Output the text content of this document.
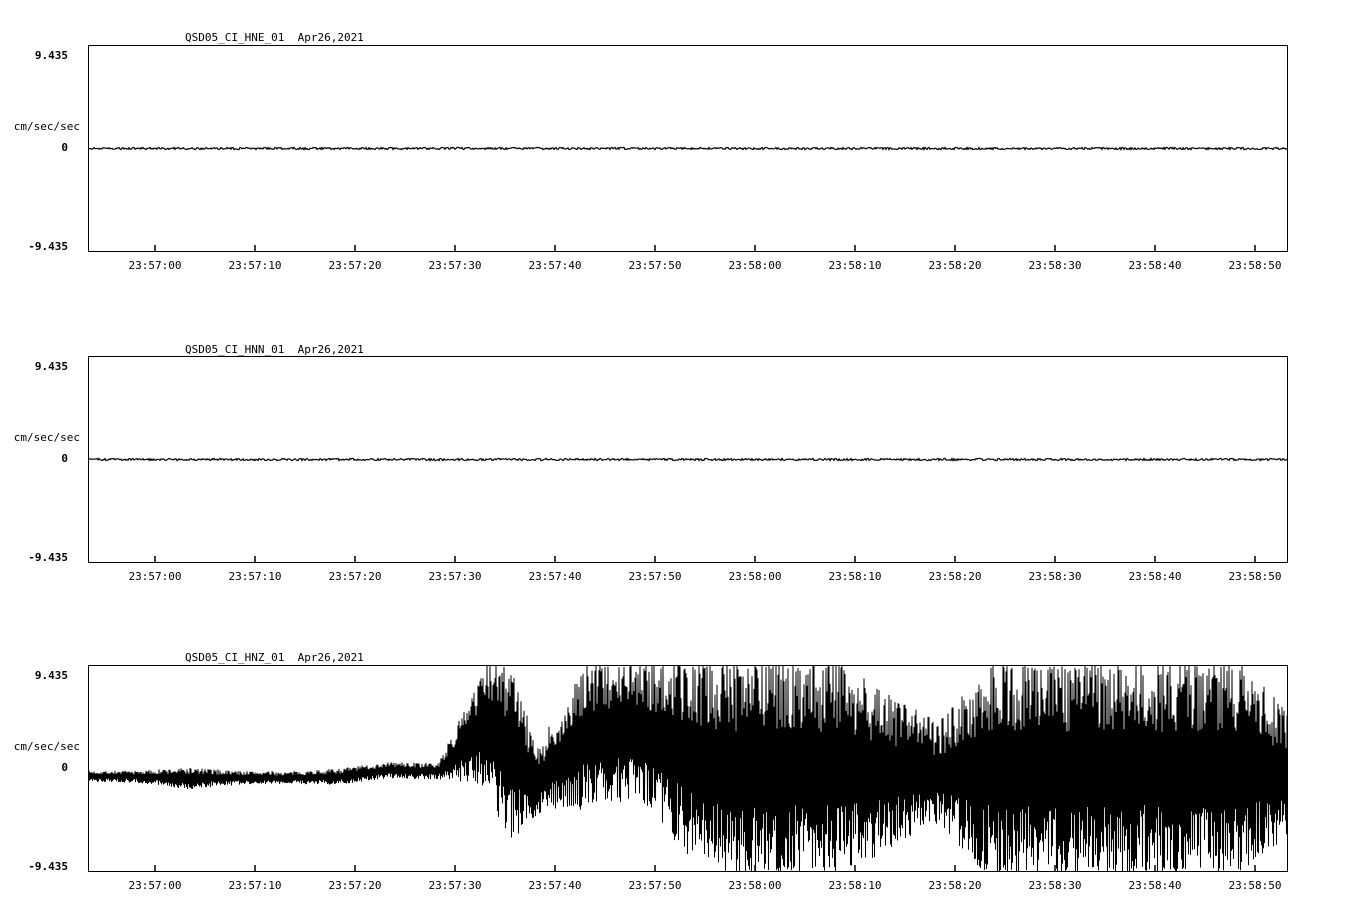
QSD05_CI_HNE_01  Apr26,2021
9.435
cm/sec/sec
0
-9.435
23:57:00	23:57:10	23:57:20	23:57:30	23:57:40	23:57:50	23:58:00	23:58:10	23:58:20	23:58:30	23:58:40	23:58:50
QSD05_CI_HNN_01  Apr26,2021
9.435
cm/sec/sec
0
-9.435
23:57:00	23:57:10	23:57:20	23:57:30	23:57:40	23:57:50	23:58:00	23:58:10	23:58:20	23:58:30	23:58:40	23:58:50
QSD05_CI_HNZ_01  Apr26,2021
9.435
cm/sec/sec
0
-9.435
23:57:00	23:57:10	23:57:20	23:57:30	23:57:40	23:57:50	23:58:00	23:58:10	23:58:20	23:58:30	23:58:40	23:58:50
